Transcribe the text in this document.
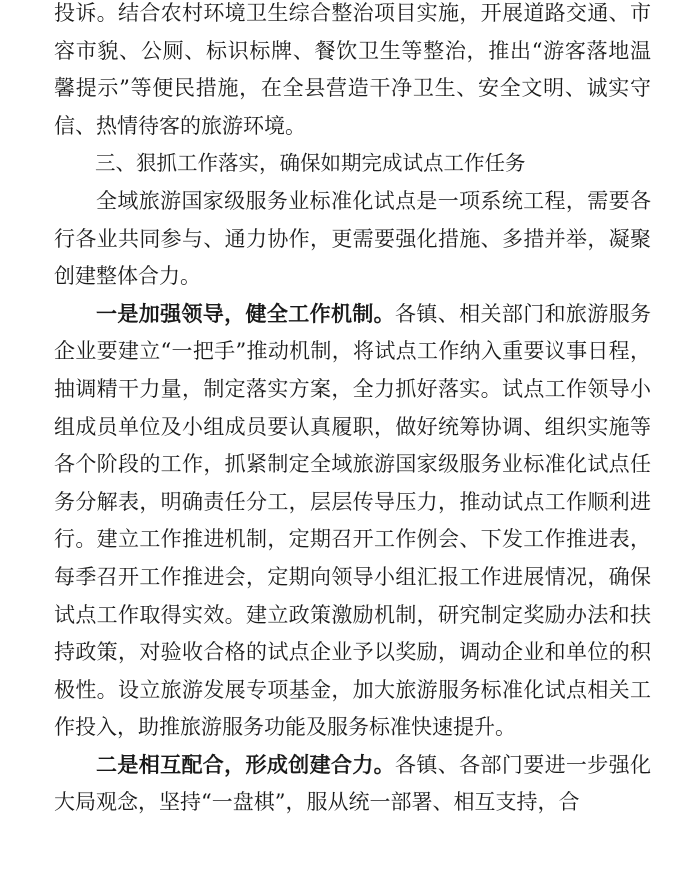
投诉。结合农村环境卫生综合整治项目实施，开展道路交通、市容市貌、公厕、标识标牌、餐饮卫生等整治，推出“游客落地温馨提示”等便民措施，在全县营造干净卫生、安全文明、诚实守信、热情待客的旅游环境。

三、狠抓工作落实，确保如期完成试点工作任务

全域旅游国家级服务业标准化试点是一项系统工程，需要各行各业共同参与、通力协作，更需要强化措施、多措并举，凝聚创建整体合力。

一是加强领导，健全工作机制。各镇、相关部门和旅游服务企业要建立“一把手”推动机制，将试点工作纳入重要议事日程，抽调精干力量，制定落实方案，全力抓好落实。试点工作领导小组成员单位及小组成员要认真履职，做好统筹协调、组织实施等各个阶段的工作，抓紧制定全域旅游国家级服务业标准化试点任务分解表，明确责任分工，层层传导压力，推动试点工作顺利进行。建立工作推进机制，定期召开工作例会、下发工作推进表，每季召开工作推进会，定期向领导小组汇报工作进展情况，确保试点工作取得实效。建立政策激励机制，研究制定奖励办法和扶持政策，对验收合格的试点企业予以奖励，调动企业和单位的积极性。设立旅游发展专项基金，加大旅游服务标准化试点相关工作投入，助推旅游服务功能及服务标准快速提升。

二是相互配合，形成创建合力。各镇、各部门要进一步强化大局观念，坚持“一盘棋”，服从统一部署、相互支持，合
